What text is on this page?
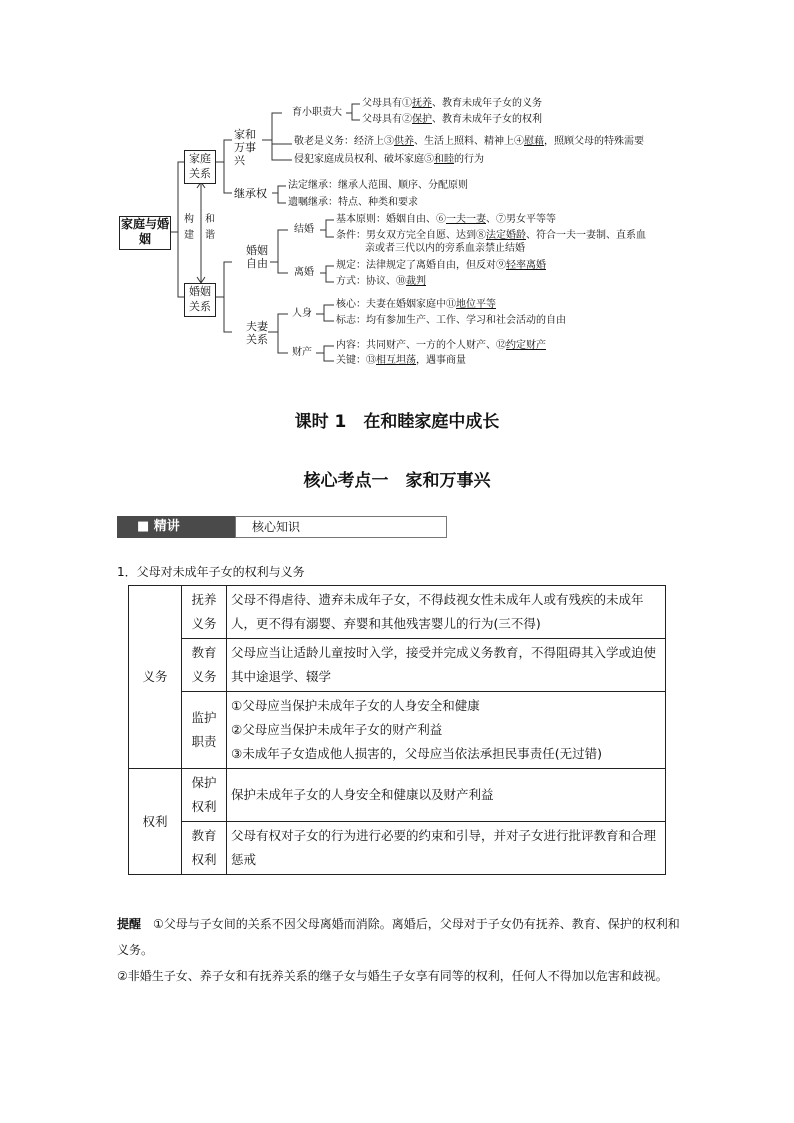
家庭与婚姻
家庭关系
婚姻关系
构建
和谐
家和万事兴
继承权
婚姻自由
夫妻关系
育小职责大
父母具有①抚养、教育未成年子女的义务
父母具有②保护、教育未成年子女的权利
敬老是义务：经济上③供养、生活上照料、精神上④慰藉，照顾父母的特殊需要
侵犯家庭成员权利、破坏家庭⑤和睦的行为
法定继承：继承人范围、顺序、分配原则
遗嘱继承：特点、种类和要求
结婚
基本原则：婚姻自由、⑥一夫一妻、⑦男女平等等
条件：男女双方完全自愿、达到⑧法定婚龄、符合一夫一妻制、直系血
亲或者三代以内的旁系血亲禁止结婚
离婚
规定：法律规定了离婚自由，但反对⑨轻率离婚
方式：协议、⑩裁判
人身
核心：夫妻在婚姻家庭中⑪地位平等
标志：均有参加生产、工作、学习和社会活动的自由
财产
内容：共同财产、一方的个人财产、⑫约定财产
关键：⑬相互坦荡，遇事商量
课时 1　在和睦家庭中成长
核心考点一　家和万事兴
■ 精讲	核心知识
1．父母对未成年子女的权利与义务
义务	抚养义务	父母不得虐待、遗弃未成年子女，不得歧视女性未成年人或有残疾的未成年人，更不得有溺婴、弃婴和其他残害婴儿的行为(三不得)
	教育义务	父母应当让适龄儿童按时入学，接受并完成义务教育，不得阻碍其入学或迫使其中途退学、辍学
	监护职责	①父母应当保护未成年子女的人身安全和健康
②父母应当保护未成年子女的财产利益
③未成年子女造成他人损害的，父母应当依法承担民事责任(无过错)

权利	保护权利	保护未成年子女的人身安全和健康以及财产利益
	教育权利	父母有权对子女的行为进行必要的约束和引导，并对子女进行批评教育和合理惩戒
提醒　 ①父母与子女间的关系不因父母离婚而消除。离婚后，父母对于子女仍有抚养、教育、保护的权利和义务。
②非婚生子女、养子女和有抚养关系的继子女与婚生子女享有同等的权利，任何人不得加以危害和歧视。
